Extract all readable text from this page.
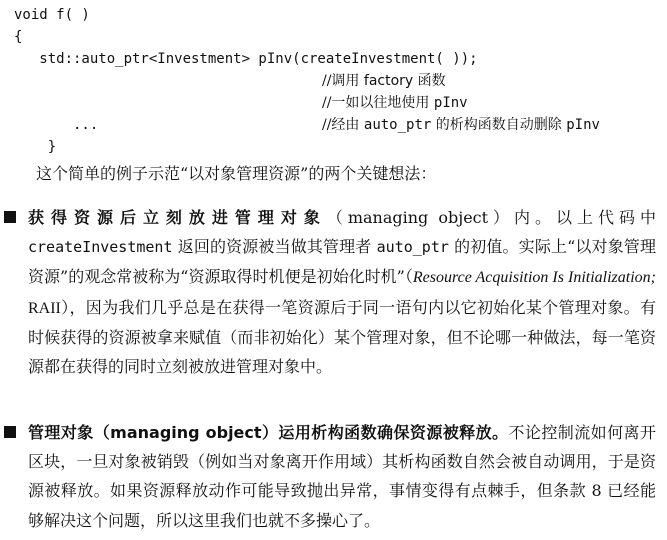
void f( )
{
std::auto_ptr<Investment> pInv(createInvestment( ));

//调用 factory 函数

...

//一如以往地使用 pInv

}

//经由 auto_ptr 的析构函数自动删除 pInv

这个简单的例子示范“以对象管理资源”的两个关键想法：
获得资源后立刻放进管理对象（managing object）内。以上代码中createInvestment 返回的资源被当做其管理者 auto_ptr 的初值。实际上“以对象管理资源”的观念常被称为“资源取得时机便是初始化时机”（Resource Acquisition Is Initialization; RAII），因为我们几乎总是在获得一笔资源后于同一语句内以它初始化某个管理对象。有时候获得的资源被拿来赋值（而非初始化）某个管理对象，但不论哪一种做法，每一笔资源都在获得的同时立刻被放进管理对象中。
管理对象（managing object）运用析构函数确保资源被释放。不论控制流如何离开区块，一旦对象被销毁（例如当对象离开作用域）其析构函数自然会被自动调用，于是资源被释放。如果资源释放动作可能导致抛出异常，事情变得有点棘手，但条款 8 已经能够解决这个问题，所以这里我们也就不多操心了。
